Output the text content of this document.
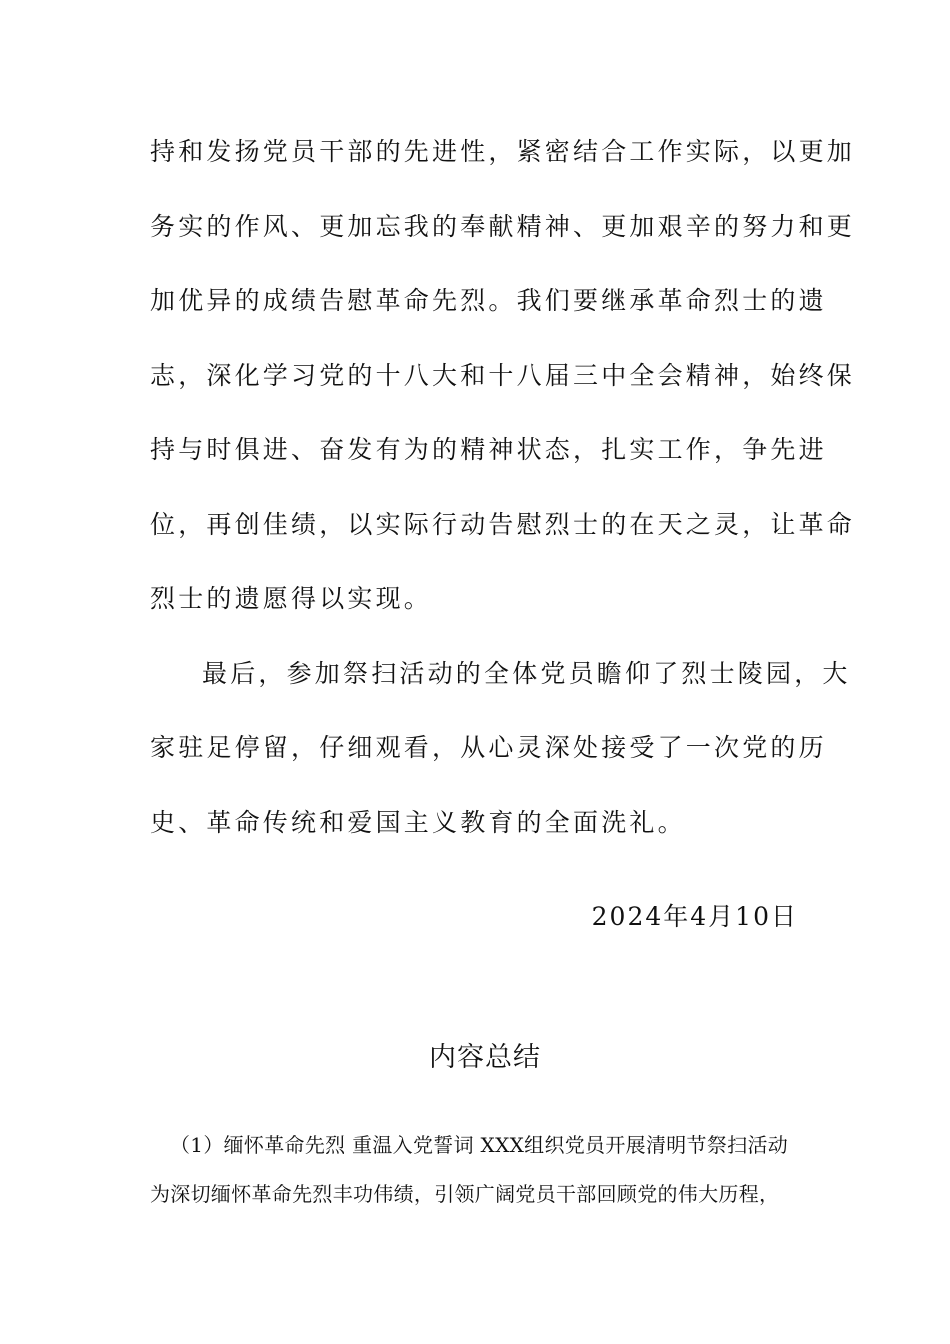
持和发扬党员干部的先进性，紧密结合工作实际，以更加
务实的作风、更加忘我的奉献精神、更加艰辛的努力和更
加优异的成绩告慰革命先烈。我们要继承革命烈士的遗
志，深化学习党的十八大和十八届三中全会精神，始终保
持与时俱进、奋发有为的精神状态，扎实工作，争先进
位，再创佳绩，以实际行动告慰烈士的在天之灵，让革命
烈士的遗愿得以实现。
最后，参加祭扫活动的全体党员瞻仰了烈士陵园，大
家驻足停留，仔细观看，从心灵深处接受了一次党的历
史、革命传统和爱国主义教育的全面洗礼。
2024年4月10日
内容总结
（1）缅怀革命先烈 重温入党誓词 XXX组织党员开展清明节祭扫活动
为深切缅怀革命先烈丰功伟绩，引领广阔党员干部回顾党的伟大历程，
